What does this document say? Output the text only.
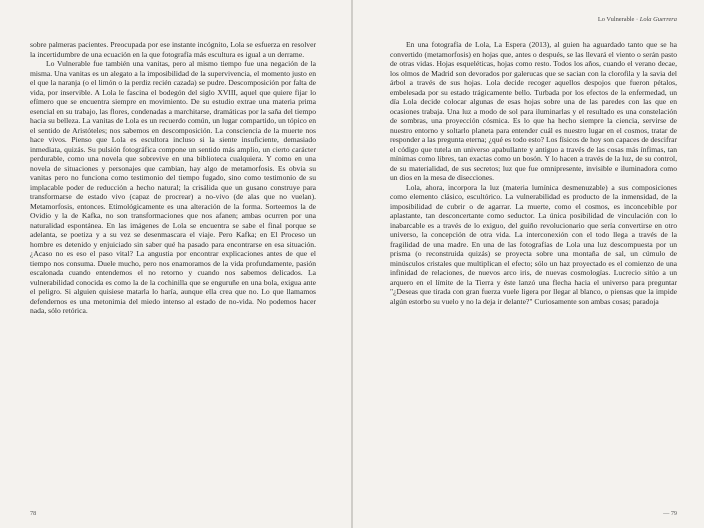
sobre palmeras pacientes. Preocupada por ese instante incógnito, Lola se esfuerza en resolver la incertidumbre de una ecuación en la que fotografía más escultura es igual a un derrame.

Lo Vulnerable fue también una vanitas, pero al mismo tiempo fue una negación de la misma. Una vanitas es un alegato a la imposibilidad de la supervivencia, el momento justo en el que la naranja (o el limón o la perdiz recién cazada) se pudre. Descomposición por falta de vida, por inservible. A Lola le fascina el bodegón del siglo XVIII, aquel que quiere fijar lo efímero que se encuentra siempre en movimiento. De su estudio extrae una materia prima esencial en su trabajo, las flores, condenadas a marchitarse, dramáticas por la saña del tiempo hacia su belleza. La vanitas de Lola es un recuerdo común, un lugar compartido, un tópico en el sentido de Aristóteles; nos sabemos en descomposición. La consciencia de la muerte nos hace vivos. Pienso que Lola es escultora incluso si la siente insuficiente, demasiado inmediata, quizás. Su pulsión fotográfica compone un sentido más amplio, un cierto carácter perdurable, como una novela que sobrevive en una biblioteca cualquiera. Y como en una novela de situaciones y personajes que cambian, hay algo de metamorfosis. Es obvia su vanitas pero no funciona como testimonio del tiempo fugado, sino como testimonio de su implacable poder de reducción a hecho natural; la crisálida que un gusano construye para transformarse de estado vivo (capaz de procrear) a no-vivo (de alas que no vuelan). Metamorfosis, entonces. Etimológicamente es una alteración de la forma. Sorteemos la de Ovidio y la de Kafka, no son transformaciones que nos afanen; ambas ocurren por una naturalidad espontánea. En las imágenes de Lola se encuentra se sabe el final porque se adelanta, se poetiza y a su vez se desenmascara el viaje. Pero Kafka; en El Proceso un hombre es detenido y enjuiciado sin saber qué ha pasado para encontrarse en esa situación. ¿Acaso no es eso el paso vital? La angustia por encontrar explicaciones antes de que el tiempo nos consuma. Duele mucho, pero nos enamoramos de la vida profundamente, pasión escalonada cuando entendemos el no retorno y cuando nos sabemos delicados. La vulnerabilidad conocida es como la de la cochinilla que se enguruñe en una bola, exigua ante el peligro. Si alguien quisiese matarla lo haría, aunque ella crea que no. Lo que llamamos defendernos es una metonimia del miedo intenso al estado de no-vida. No podemos hacer nada, sólo retórica.

78
Lo Vulnerable · Lola Guerrera

En una fotografía de Lola, La Espera (2013), al guien ha aguardado tanto que se ha convertido (metamorfosis) en hojas que, antes o después, se las llevará el viento o serán pasto de otras vidas. Hojas esqueléticas, hojas como resto. Todos los años, cuando el verano decae, los olmos de Madrid son devorados por galerucas que se sacian con la clorofila y la savia del árbol a través de sus hojas. Lola decide recoger aquellos despojos que fueron pétalos, embelesada por su estado trágicamente bello. Turbada por los efectos de la enfermedad, un día Lola decide colocar algunas de esas hojas sobre una de las paredes con las que en ocasiones trabaja. Una luz a modo de sol para iluminarlas y el resultado es una constelación de sombras, una proyección cósmica. Es lo que ha hecho siempre la ciencia, servirse de nuestro entorno y soltarlo planeta para entender cuál es nuestro lugar en el cosmos, tratar de responder a las pregunta eterna; ¿qué es todo esto? Los físicos de hoy son capaces de descifrar el código que tutela un universo apabullante y antiguo a través de las cosas más ínfimas, tan mínimas como libres, tan exactas como un bosón. Y lo hacen a través de la luz, de su control, de su materialidad, de sus secretos; luz que fue omnipresente, invisible e iluminadora como un dios en la mesa de disecciones.

Lola, ahora, incorpora la luz (materia lumínica desmenuzable) a sus composiciones como elemento clásico, escultórico. La vulnerabilidad es producto de la inmensidad, de la imposibilidad de cubrir o de agarrar. La muerte, como el cosmos, es inconcebible por aplastante, tan desconcertante como seductor. La única posibilidad de vinculación con lo inabarcable es a través de lo exiguo, del guiño revolucionario que sería convertirse en otro universo, la concepción de otra vida. La interconexión con el todo llega a través de la fragilidad de una madre. En una de las fotografías de Lola una luz descompuesta por un prisma (o reconstruida quizás) se proyecta sobre una montaña de sal, un cúmulo de minúsculos cristales que multiplican el efecto; sólo un haz proyectado es el comienzo de una infinidad de relaciones, de nuevos arco iris, de nuevas cosmologías. Lucrecio sitúo a un arquero en el límite de la Tierra y éste lanzó una flecha hacia el universo para preguntar "¿Deseas que tirada con gran fuerza vuele ligera por llegar al blanco, o piensas que la impide algún estorbo su vuelo y no la deja ir delante?" Curiosamente son ambas cosas; paradoja

— 79
